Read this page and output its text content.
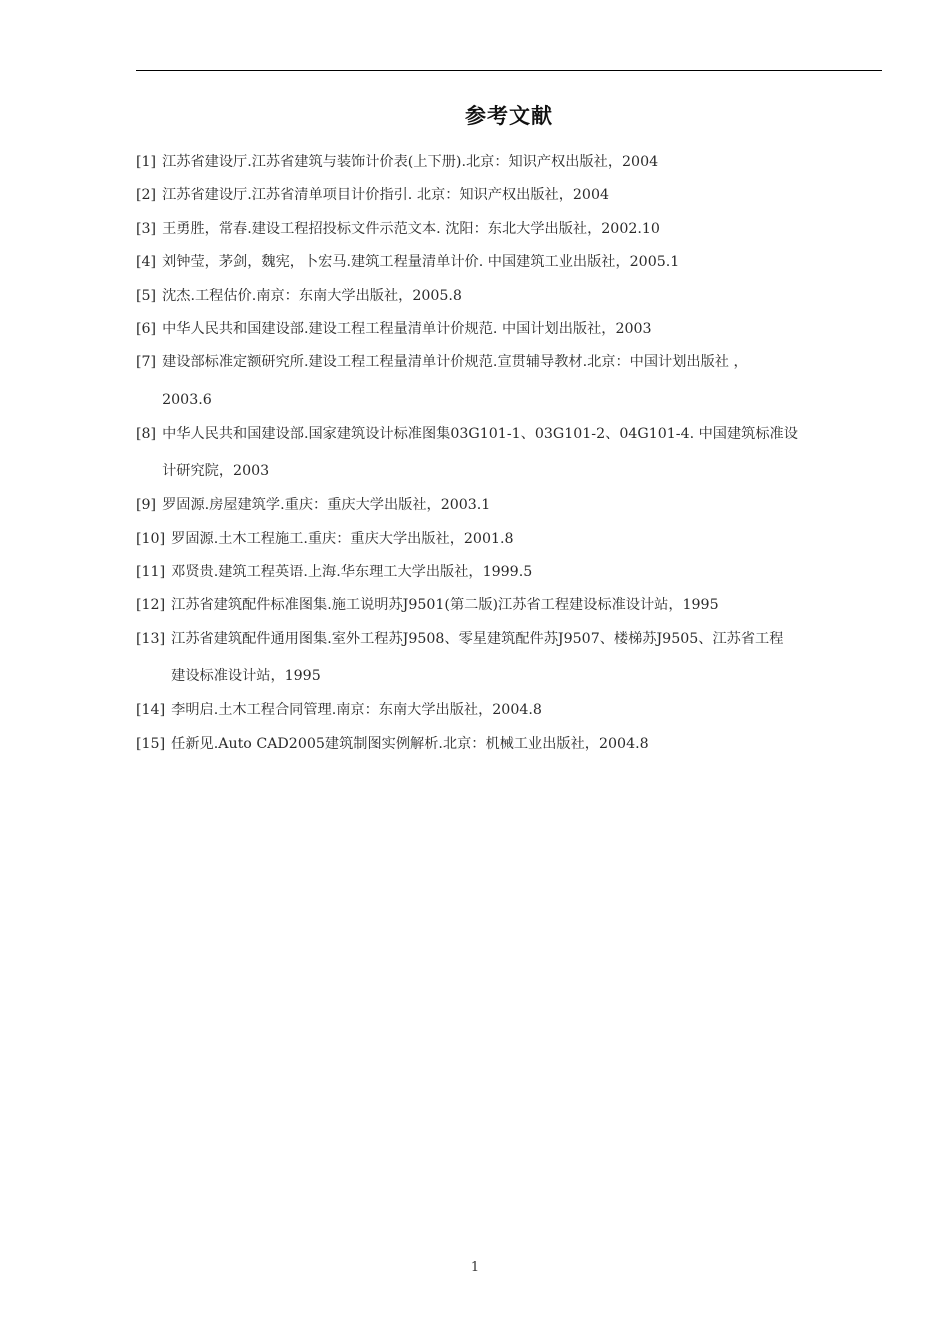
参考文献
[1] 江苏省建设厅.江苏省建筑与装饰计价表(上下册).北京：知识产权出版社，2004
[2] 江苏省建设厅.江苏省清单项目计价指引. 北京：知识产权出版社，2004
[3] 王勇胜，常春.建设工程招投标文件示范文本. 沈阳：东北大学出版社，2002.10
[4] 刘钟莹，茅剑，魏宪，卜宏马.建筑工程量清单计价. 中国建筑工业出版社，2005.1
[5] 沈杰.工程估价.南京：东南大学出版社，2005.8
[6] 中华人民共和国建设部.建设工程工程量清单计价规范. 中国计划出版社，2003
[7] 建设部标准定额研究所.建设工程工程量清单计价规范.宣贯辅导教材.北京：中国计划出版社 ，
2003.6
[8] 中华人民共和国建设部.国家建筑设计标准图集03G101-1、03G101-2、04G101-4. 中国建筑标准设
计研究院，2003
[9] 罗固源.房屋建筑学.重庆：重庆大学出版社，2003.1
[10] 罗固源.土木工程施工.重庆：重庆大学出版社，2001.8
[11] 邓贤贵.建筑工程英语.上海.华东理工大学出版社，1999.5
[12] 江苏省建筑配件标准图集.施工说明苏J9501(第二版)江苏省工程建设标准设计站，1995
[13] 江苏省建筑配件通用图集.室外工程苏J9508、零星建筑配件苏J9507、楼梯苏J9505、江苏省工程
建设标准设计站，1995
[14] 李明启.土木工程合同管理.南京：东南大学出版社，2004.8
[15] 任新见.Auto CAD2005建筑制图实例解析.北京：机械工业出版社，2004.8
1
